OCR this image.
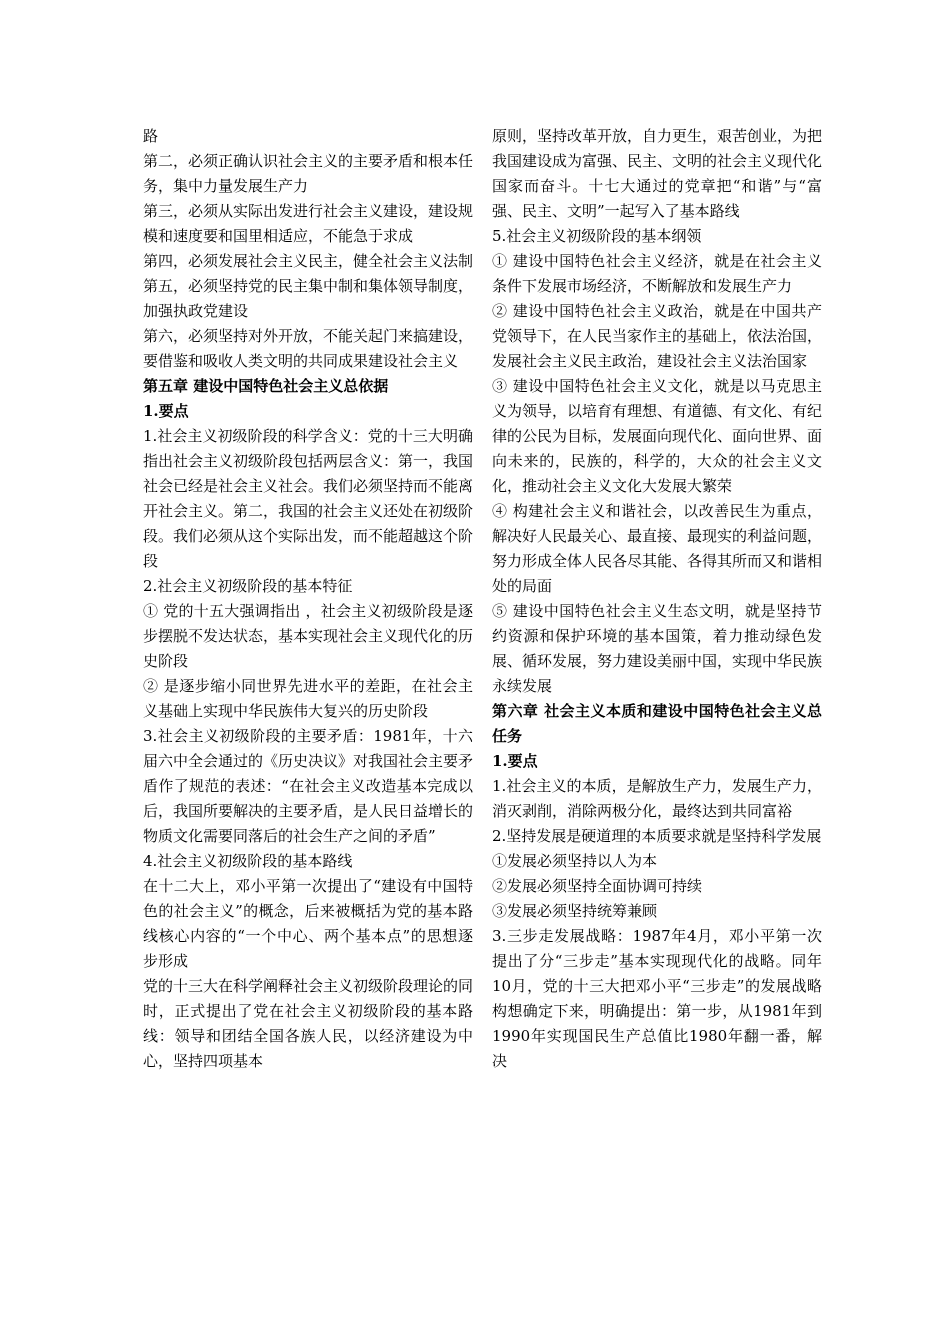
路

第二，必须正确认识社会主义的主要矛盾和根本任务，集中力量发展生产力

第三，必须从实际出发进行社会主义建设，建设规模和速度要和国里相适应，不能急于求成

第四，必须发展社会主义民主，健全社会主义法制

第五，必须坚持党的民主集中制和集体领导制度，加强执政党建设

第六，必须坚持对外开放，不能关起门来搞建设，要借鉴和吸收人类文明的共同成果建设社会主义

第五章 建设中国特色社会主义总依据

1.要点

1.社会主义初级阶段的科学含义：党的十三大明确指出社会主义初级阶段包括两层含义：第一，我国社会已经是社会主义社会。我们必须坚持而不能离开社会主义。第二，我国的社会主义还处在初级阶段。我们必须从这个实际出发，而不能超越这个阶段

2.社会主义初级阶段的基本特征

① 党的十五大强调指出 ，社会主义初级阶段是逐步摆脱不发达状态，基本实现社会主义现代化的历史阶段

② 是逐步缩小同世界先进水平的差距，在社会主义基础上实现中华民族伟大复兴的历史阶段

3.社会主义初级阶段的主要矛盾：1981年，十六届六中全会通过的《历史决议》对我国社会主要矛盾作了规范的表述：“在社会主义改造基本完成以后，我国所要解决的主要矛盾，是人民日益增长的物质文化需要同落后的社会生产之间的矛盾”

4.社会主义初级阶段的基本路线

在十二大上，邓小平第一次提出了“建设有中国特色的社会主义”的概念，后来被概括为党的基本路线核心内容的“一个中心、两个基本点”的思想逐步形成

党的十三大在科学阐释社会主义初级阶段理论的同时，正式提出了党在社会主义初级阶段的基本路线：领导和团结全国各族人民，以经济建设为中心，坚持四项基本

原则，坚持改革开放，自力更生，艰苦创业，为把我国建设成为富强、民主、文明的社会主义现代化国家而奋斗。十七大通过的党章把“和谐”与“富强、民主、文明”一起写入了基本路线

5.社会主义初级阶段的基本纲领

① 建设中国特色社会主义经济，就是在社会主义条件下发展市场经济，不断解放和发展生产力

② 建设中国特色社会主义政治，就是在中国共产党领导下，在人民当家作主的基础上，依法治国，发展社会主义民主政治，建设社会主义法治国家

③ 建设中国特色社会主义文化，就是以马克思主义为领导，以培育有理想、有道德、有文化、有纪律的公民为目标，发展面向现代化、面向世界、面向未来的，民族的，科学的，大众的社会主义文化，推动社会主义文化大发展大繁荣

④ 构建社会主义和谐社会，以改善民生为重点，解决好人民最关心、最直接、最现实的利益问题，努力形成全体人民各尽其能、各得其所而又和谐相处的局面

⑤ 建设中国特色社会主义生态文明，就是坚持节约资源和保护环境的基本国策，着力推动绿色发展、循环发展，努力建设美丽中国，实现中华民族永续发展

第六章 社会主义本质和建设中国特色社会主义总任务

1.要点

1.社会主义的本质，是解放生产力，发展生产力，消灭剥削，消除两极分化，最终达到共同富裕

2.坚持发展是硬道理的本质要求就是坚持科学发展

①发展必须坚持以人为本

②发展必须坚持全面协调可持续

③发展必须坚持统筹兼顾

3.三步走发展战略：1987年4月，邓小平第一次提出了分“三步走”基本实现现代化的战略。同年10月，党的十三大把邓小平“三步走”的发展战略构想确定下来，明确提出：第一步，从1981年到1990年实现国民生产总值比1980年翻一番，解决
